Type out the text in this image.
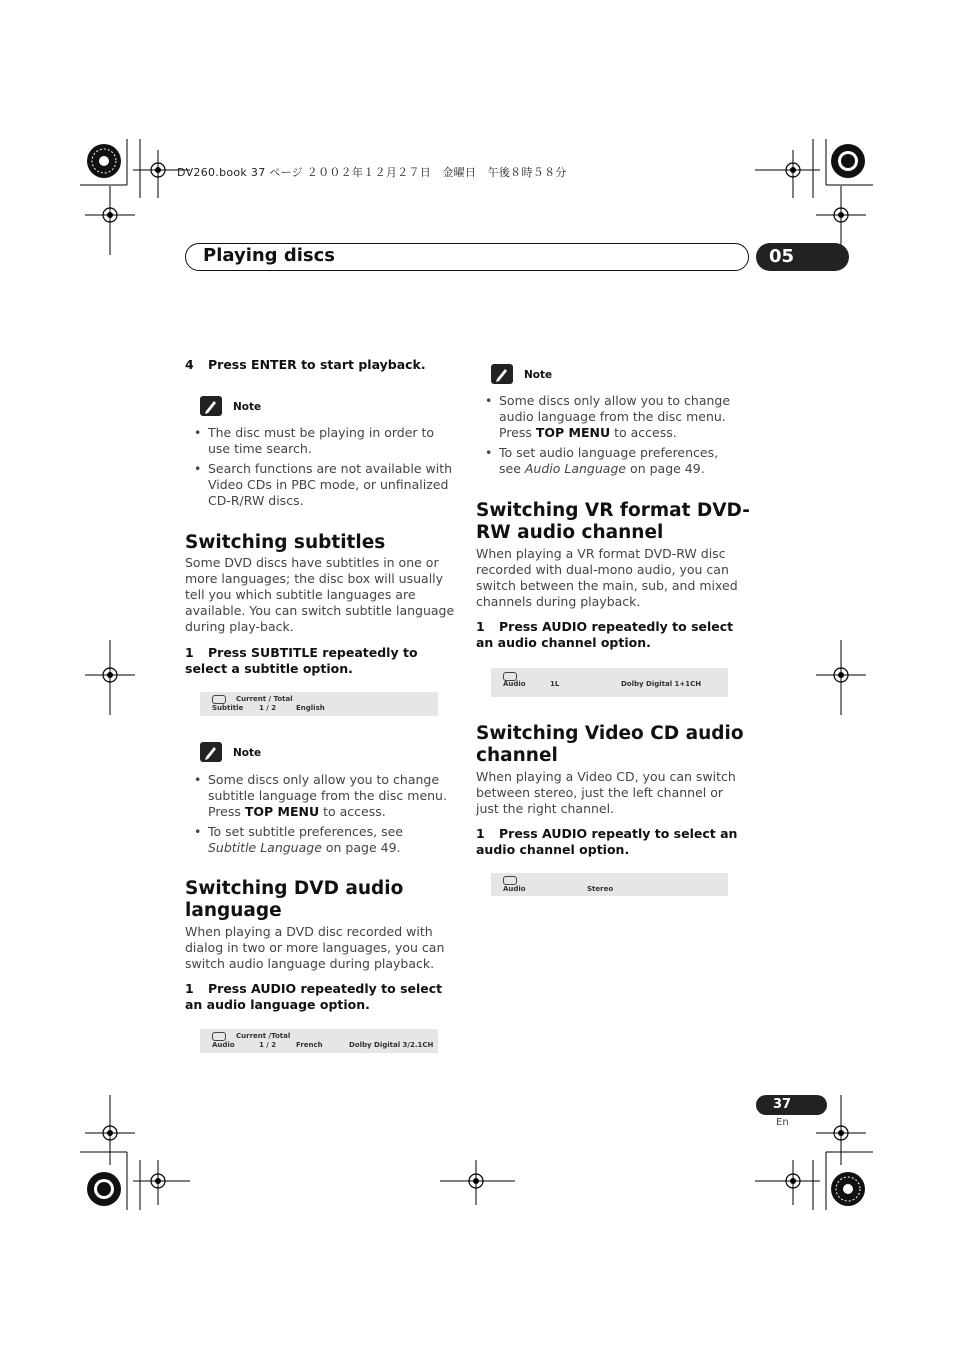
DV260.book 37 ページ ２００２年１２月２７日　金曜日　午後８時５８分
Playing discs	05
4 Press ENTER to start playback.
Note
• The disc must be playing in order to use time search.
• Search functions are not available with Video CDs in PBC mode, or unfinalized CD-R/RW discs.
Switching subtitles
Some DVD discs have subtitles in one or more languages; the disc box will usually tell you which subtitle languages are available. You can switch subtitle language during play-back.
1 Press SUBTITLE repeatedly to select a subtitle option.
Current / Total
Subtitle 1 / 2	English
Note
• Some discs only allow you to change subtitle language from the disc menu. Press TOP MENU to access.
• To set subtitle preferences, see Subtitle Language on page 49.
Switching DVD audio language
When playing a DVD disc recorded with dialog in two or more languages, you can switch audio language during playback.
1 Press AUDIO repeatedly to select an audio language option.
Current /Total
Audio	1 / 2	French	Dolby Digital 3/2.1CH
Note
• Some discs only allow you to change audio language from the disc menu. Press TOP MENU to access.
• To set audio language preferences, see Audio Language on page 49.
Switching VR format DVD-RW audio channel
When playing a VR format DVD-RW disc recorded with dual-mono audio, you can switch between the main, sub, and mixed channels during playback.
1 Press AUDIO repeatedly to select an audio channel option.
Audio	1L	Dolby Digital 1+1CH
Switching Video CD audio channel
When playing a Video CD, you can switch between stereo, just the left channel or just the right channel.
1 Press AUDIO repeatly to select an audio channel option.
Audio	Stereo
37
En
